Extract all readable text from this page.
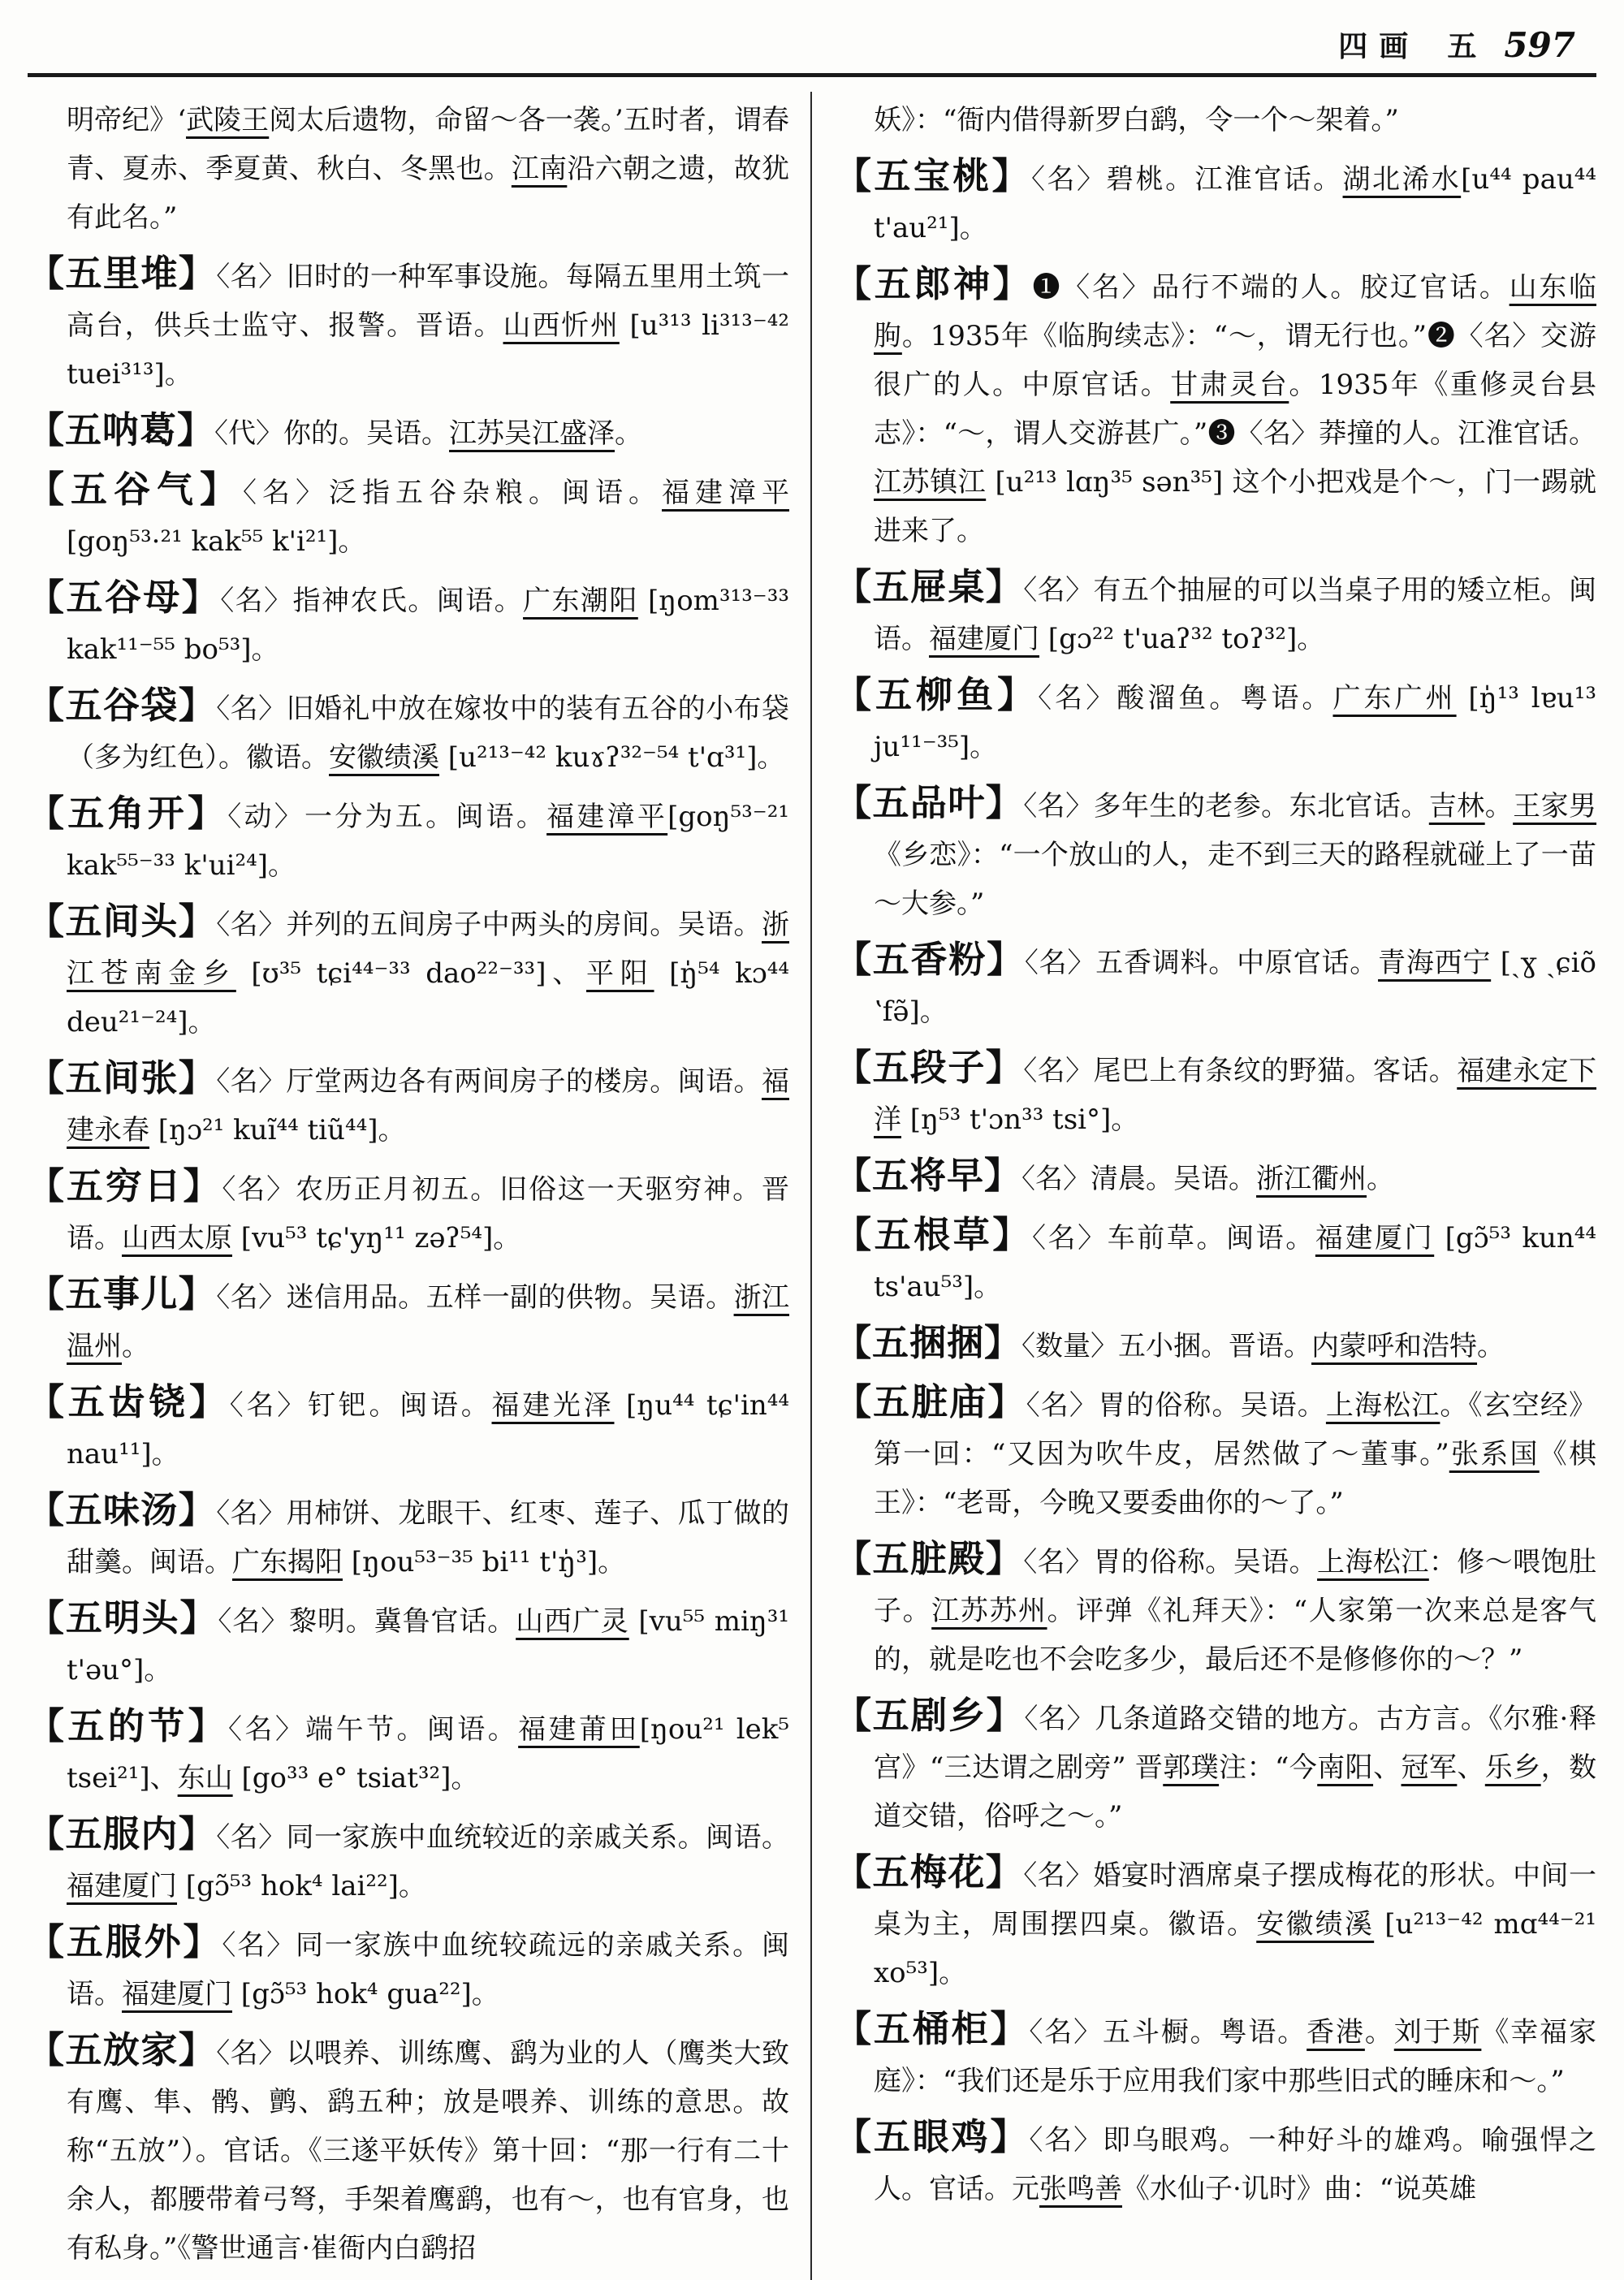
四画 五 597
明帝纪》‘武陵王阅太后遗物，命留～各一袭。’五时者，谓春青、夏赤、季夏黄、秋白、冬黑也。江南沿六朝之遗，故犹有此名。”
【五里堆】〈名〉旧时的一种军事设施。每隔五里用土筑一高台，供兵士监守、报警。晋语。山西忻州 [u³¹³ li³¹³⁻⁴² tuei³¹³]。
【五呐葛】〈代〉你的。吴语。江苏吴江盛泽。
【五谷气】〈名〉泛指五谷杂粮。闽语。福建漳平 [goŋ⁵³·²¹ kak⁵⁵ k'i²¹]。
【五谷母】〈名〉指神农氏。闽语。广东潮阳 [ŋom³¹³⁻³³ kak¹¹⁻⁵⁵ bo⁵³]。
【五谷袋】〈名〉旧婚礼中放在嫁妆中的装有五谷的小布袋（多为红色）。徽语。安徽绩溪 [u²¹³⁻⁴² kuɤʔ³²⁻⁵⁴ t'ɑ³¹]。
【五角开】〈动〉一分为五。闽语。福建漳平[goŋ⁵³⁻²¹ kak⁵⁵⁻³³ k'ui²⁴]。
【五间头】〈名〉并列的五间房子中两头的房间。吴语。浙江苍南金乡 [ʊ³⁵ tɕi⁴⁴⁻³³ dao²²⁻³³]、平阳 [ŋ̍⁵⁴ kɔ⁴⁴ deu²¹⁻²⁴]。
【五间张】〈名〉厅堂两边各有两间房子的楼房。闽语。福建永春 [ŋɔ²¹ kuĩ⁴⁴ tiũ⁴⁴]。
【五穷日】〈名〉农历正月初五。旧俗这一天驱穷神。晋语。山西太原 [vu⁵³ tɕ'yŋ¹¹ zəʔ⁵⁴]。
【五事儿】〈名〉迷信用品。五样一副的供物。吴语。浙江温州。
【五齿铙】〈名〉钉钯。闽语。福建光泽 [ŋu⁴⁴ tɕ'in⁴⁴ nau¹¹]。
【五味汤】〈名〉用柿饼、龙眼干、红枣、莲子、瓜丁做的甜羹。闽语。广东揭阳 [ŋou⁵³⁻³⁵ bi¹¹ t'ŋ̍³]。
【五明头】〈名〉黎明。冀鲁官话。山西广灵 [vu⁵⁵ miŋ³¹ t'əu°]。
【五的节】〈名〉端午节。闽语。福建莆田[ŋou²¹ lek⁵ tsei²¹]、东山 [go³³ e° tsiat³²]。
【五服内】〈名〉同一家族中血统较近的亲戚关系。闽语。福建厦门 [gɔ̃⁵³ hok⁴ lai²²]。
【五服外】〈名〉同一家族中血统较疏远的亲戚关系。闽语。福建厦门 [gɔ̃⁵³ hok⁴ gua²²]。
【五放家】〈名〉以喂养、训练鹰、鹞为业的人（鹰类大致有鹰、隼、鹘、鹯、鹞五种；放是喂养、训练的意思。故称“五放”）。官话。《三遂平妖传》第十回：“那一行有二十余人，都腰带着弓弩，手架着鹰鹞，也有～，也有官身，也有私身。”《警世通言·崔衙内白鹞招
妖》：“衙内借得新罗白鹞，令一个～架着。”
【五宝桃】〈名〉碧桃。江淮官话。湖北浠水[u⁴⁴ pau⁴⁴ t'au²¹]。
【五郎神】❶〈名〉品行不端的人。胶辽官话。山东临朐。1935年《临朐续志》：“～，谓无行也。”❷〈名〉交游很广的人。中原官话。甘肃灵台。1935年《重修灵台县志》：“～，谓人交游甚广。”❸〈名〉莽撞的人。江淮官话。江苏镇江 [u²¹³ lɑŋ³⁵ sən³⁵] 这个小把戏是个～，门一踢就进来了。
【五屉桌】〈名〉有五个抽屉的可以当桌子用的矮立柜。闽语。福建厦门 [gɔ²² t'uaʔ³² toʔ³²]。
【五柳鱼】〈名〉酸溜鱼。粤语。广东广州 [ŋ̍¹³ lɐu¹³ ju¹¹⁻³⁵]。
【五品叶】〈名〉多年生的老参。东北官话。吉林。王家男《乡恋》：“一个放山的人，走不到三天的路程就碰上了一苗～大参。”
【五香粉】〈名〉五香调料。中原官话。青海西宁 [ˎɣ ˎɕiõ ʽfə̃]。
【五段子】〈名〉尾巴上有条纹的野猫。客话。福建永定下洋 [ŋ⁵³ t'ɔn³³ tsi°]。
【五将早】〈名〉清晨。吴语。浙江衢州。
【五根草】〈名〉车前草。闽语。福建厦门 [gɔ̃⁵³ kun⁴⁴ ts'au⁵³]。
【五捆捆】〈数量〉五小捆。晋语。内蒙呼和浩特。
【五脏庙】〈名〉胃的俗称。吴语。上海松江。《玄空经》第一回：“又因为吹牛皮，居然做了～董事。”张系国《棋王》：“老哥，今晚又要委曲你的～了。”
【五脏殿】〈名〉胃的俗称。吴语。上海松江：修～喂饱肚子。江苏苏州。评弹《礼拜天》：“人家第一次来总是客气的，就是吃也不会吃多少，最后还不是修修你的～？”
【五剧乡】〈名〉几条道路交错的地方。古方言。《尔雅·释宫》“三达谓之剧旁” 晋郭璞注：“今南阳、冠军、乐乡，数道交错，俗呼之～。”
【五梅花】〈名〉婚宴时酒席桌子摆成梅花的形状。中间一桌为主，周围摆四桌。徽语。安徽绩溪 [u²¹³⁻⁴² mɑ⁴⁴⁻²¹ xo⁵³]。
【五桶柜】〈名〉五斗橱。粤语。香港。刘于斯《幸福家庭》：“我们还是乐于应用我们家中那些旧式的睡床和～。”
【五眼鸡】〈名〉即乌眼鸡。一种好斗的雄鸡。喻强悍之人。官话。元张鸣善《水仙子·讥时》曲：“说英雄
